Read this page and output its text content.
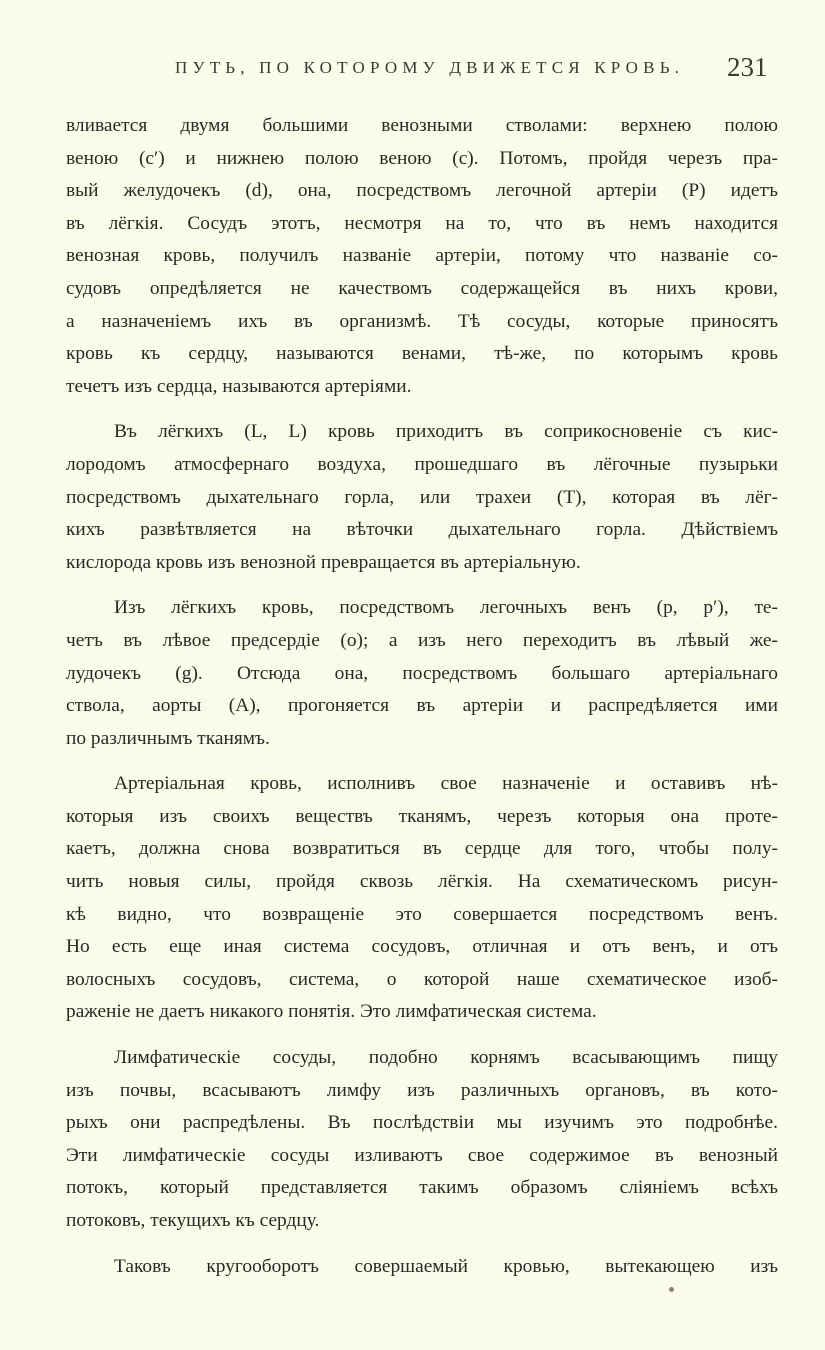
ПУТЬ, ПО КОТОРОМУ ДВИЖЕТСЯ КРОВЬ. 231

вливается двумя большими венозными стволами: верхнею полою
веною (с′) и нижнею полою веною (с). Потомъ, пройдя черезъ пра-
вый желудочекъ (d), она, посредствомъ легочной артеріи (Р) идетъ
въ лёгкія. Сосудъ этотъ, несмотря на то, что въ немъ находится
венозная кровь, получилъ названіе артеріи, потому что названіе со-
судовъ опредѣляется не качествомъ содержащейся въ нихъ крови,
а назначеніемъ ихъ въ организмѣ. Тѣ сосуды, которые приносятъ
кровь къ сердцу, называются венами, тѣ-же, по которымъ кровь
течетъ изъ сердца, называются артеріями.

Въ лёгкихъ (L, L) кровь приходитъ въ соприкосновеніе съ кис-
лородомъ атмосфернаго воздуха, прошедшаго въ лёгочные пузырьки
посредствомъ дыхательнаго горла, или трахеи (Т), которая въ лёг-
кихъ развѣтвляется на вѣточки дыхательнаго горла. Дѣйствіемъ
кислорода кровь изъ венозной превращается въ артеріальную.

Изъ лёгкихъ кровь, посредствомъ легочныхъ венъ (р, р′), те-
четъ въ лѣвое предсердіе (о); а изъ него переходитъ въ лѣвый же-
лудочекъ (g). Отсюда она, посредствомъ большаго артеріальнаго
ствола, аорты (А), прогоняется въ артеріи и распредѣляется ими
по различнымъ тканямъ.

Артеріальная кровь, исполнивъ свое назначеніе и оставивъ нѣ-
которыя изъ своихъ веществъ тканямъ, черезъ которыя она проте-
каетъ, должна снова возвратиться въ сердце для того, чтобы полу-
чить новыя силы, пройдя сквозь лёгкія. На схематическомъ рисун-
кѣ видно, что возвращеніе это совершается посредствомъ венъ.
Но есть еще иная система сосудовъ, отличная и отъ венъ, и отъ
волосныхъ сосудовъ, система, о которой наше схематическое изоб-
раженіе не даетъ никакого понятія. Это лимфатическая система.

Лимфатическіе сосуды, подобно корнямъ всасывающимъ пищу
изъ почвы, всасываютъ лимфу изъ различныхъ органовъ, въ кото-
рыхъ они распредѣлены. Въ послѣдствіи мы изучимъ это подробнѣе.
Эти лимфатическіе сосуды изливаютъ свое содержимое въ венозный
потокъ, который представляется такимъ образомъ сліяніемъ всѣхъ
потоковъ, текущихъ къ сердцу.

Таковъ кругооборотъ совершаемый кровью, вытекающею изъ
